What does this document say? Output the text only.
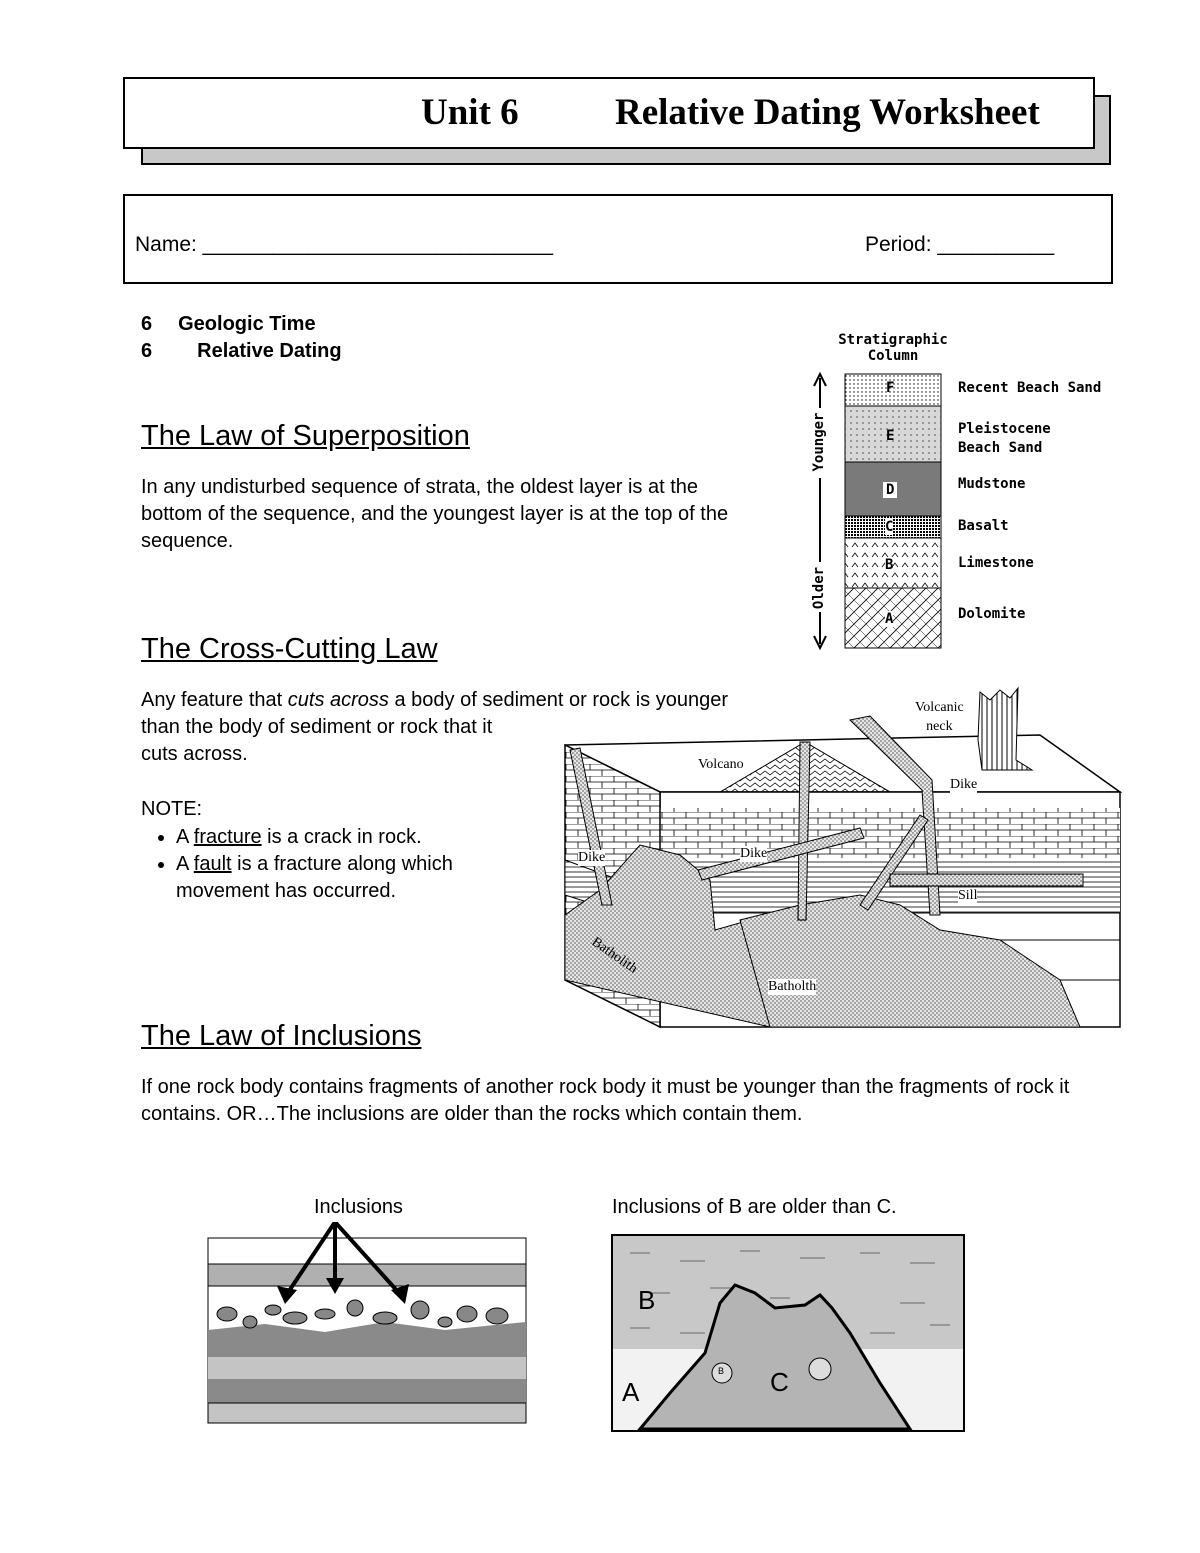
Unit 6	Relative Dating Worksheet
Name: ______________________________	Period: __________
6 Geologic Time
6 Relative Dating
The Law of Superposition
In any undisturbed sequence of strata, the oldest layer is at the bottom of the sequence, and the youngest layer is at the top of the sequence.
Stratigraphic
Column
Younger
Older
F
E
D
C
B
A
Recent Beach Sand
Pleistocene
Beach Sand
Mudstone
Basalt
Limestone
Dolomite
The Cross-Cutting Law
Any feature that cuts across a body of sediment or rock is younger
than the body of sediment or rock that it
cuts across.
NOTE:
• A fracture is a crack in rock.
• A fault is a fracture along which movement has occurred.
Volcanic
neck
Volcano
Dike
Dike
Dike
Sill
Batholith
Batholth
The Law of Inclusions
If one rock body contains fragments of another rock body it must be younger than the fragments of rock it contains. OR…The inclusions are older than the rocks which contain them.
Inclusions	Inclusions of B are older than C.
B
A	C
B
